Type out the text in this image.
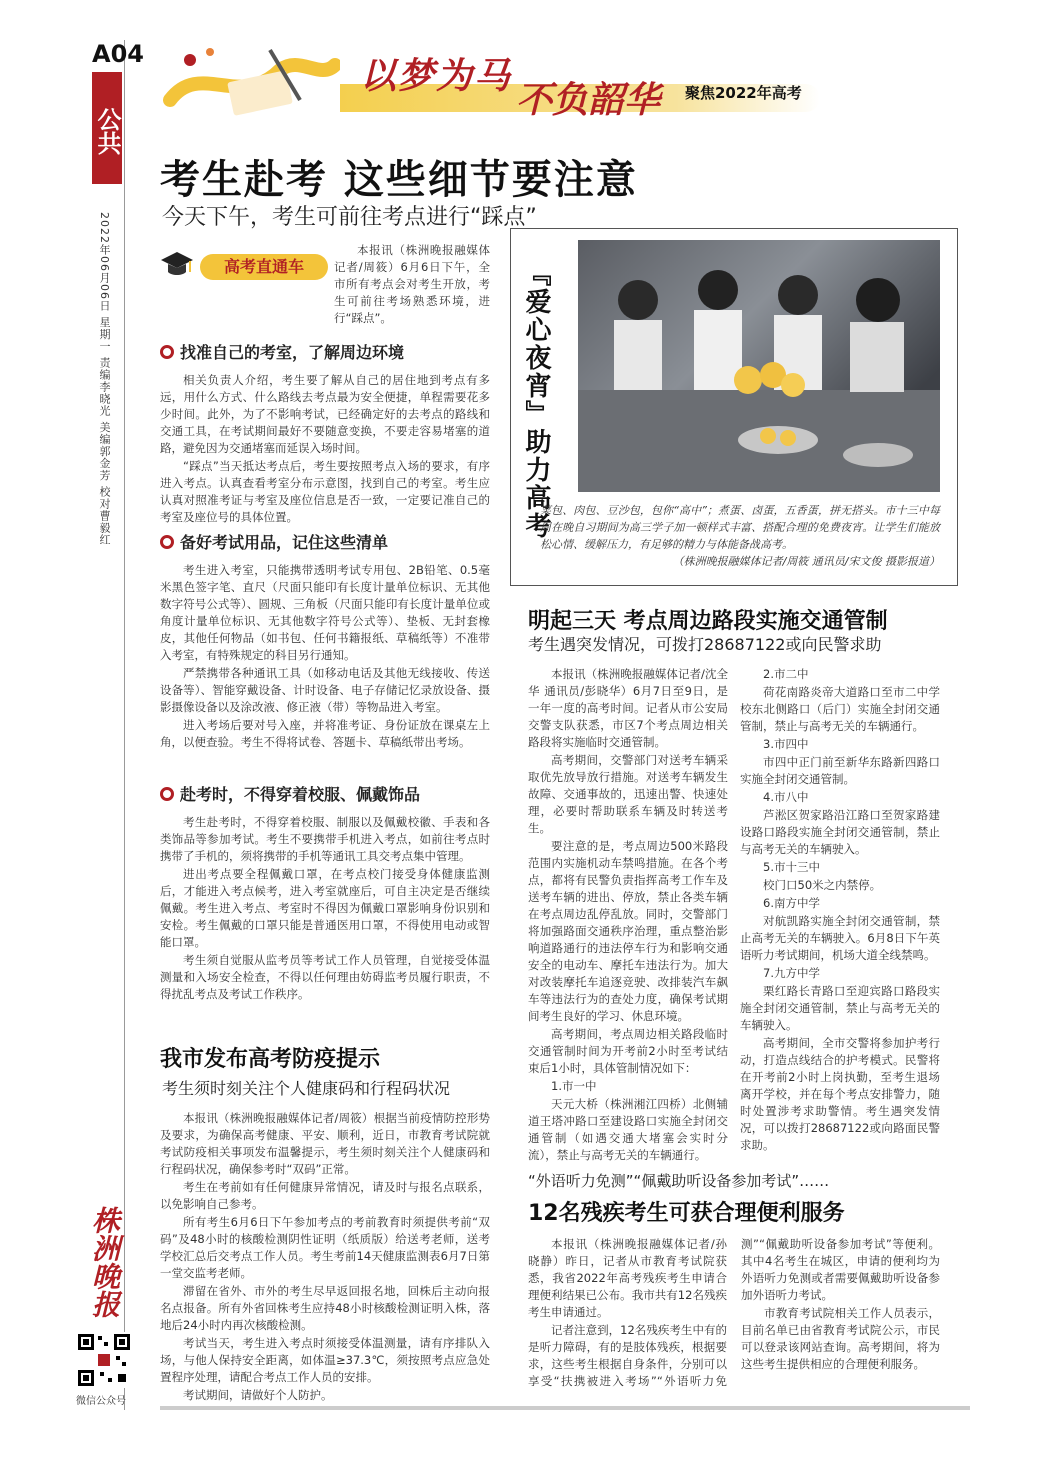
A04
公共
2022年06月06日 星期一 责编李晓光 美编郭金芳 校对曹毅红
以梦为马
不负韶华 聚焦2022年高考
考生赴考 这些细节要注意
今天下午，考生可前往考点进行“踩点”
高考直通车
本报讯（株洲晚报融媒体记者/周筱）6月6日下午，全市所有考点会对考生开放，考生可前往考场熟悉环境，进行“踩点”。
找准自己的考室，了解周边环境

相关负责人介绍，考生要了解从自己的居住地到考点有多远，用什么方式、什么路线去考点最为安全便捷，单程需要花多少时间。此外，为了不影响考试，已经确定好的去考点的路线和交通工具，在考试期间最好不要随意变换，不要走容易堵塞的道路，避免因为交通堵塞而延误入场时间。

“踩点”当天抵达考点后，考生要按照考点入场的要求，有序进入考点。认真查看考室分布示意图，找到自己的考室。考生应认真对照准考证与考室及座位信息是否一致，一定要记准自己的考室及座位号的具体位置。

备好考试用品，记住这些清单

考生进入考室，只能携带透明考试专用包、2B铅笔、0.5毫米黑色签字笔、直尺（尺面只能印有长度计量单位标识、无其他数字符号公式等）、圆规、三角板（尺面只能印有长度计量单位或角度计量单位标识、无其他数字符号公式等）、垫板、无封套橡皮，其他任何物品（如书包、任何书籍报纸、草稿纸等）不准带入考室，有特殊规定的科目另行通知。

严禁携带各种通讯工具（如移动电话及其他无线接收、传送设备等）、智能穿戴设备、计时设备、电子存储记忆录放设备、摄影摄像设备以及涂改液、修正液（带）等物品进入考室。

进入考场后要对号入座，并将准考证、身份证放在课桌左上角，以便查验。考生不得将试卷、答题卡、草稿纸带出考场。

赴考时，不得穿着校服、佩戴饰品

考生赴考时，不得穿着校服、制服以及佩戴校徽、手表和各类饰品等参加考试。考生不要携带手机进入考点，如前往考点时携带了手机的，须将携带的手机等通讯工具交考点集中管理。

进出考点要全程佩戴口罩，在考点校门接受身体健康监测后，才能进入考点候考，进入考室就座后，可自主决定是否继续佩戴。考生进入考点、考室时不得因为佩戴口罩影响身份识别和安检。考生佩戴的口罩只能是普通医用口罩，不得使用电动或智能口罩。

考生须自觉服从监考员等考试工作人员管理，自觉接受体温测量和入场安全检查，不得以任何理由妨碍监考员履行职责，不得扰乱考点及考试工作秩序。

『爱心夜宵』助力高考
菜包、肉包、豆沙包，包你“高中”；煮蛋、卤蛋，五香蛋，拼无搭头。市十三中每周在晚自习期间为高三学子加一顿样式丰富、搭配合理的免费夜宵。让学生们能放松心情、缓解压力，有足够的精力与体能备战高考。
（株洲晚报融媒体记者/周筱 通讯员/宋文俊 摄影报道）
明起三天 考点周边路段实施交通管制
考生遇突发情况，可拨打28687122或向民警求助

本报讯（株洲晚报融媒体记者/沈全华 通讯员/彭晓华）6月7日至9日，是一年一度的高考时间。记者从市公安局交警支队获悉，市区7个考点周边相关路段将实施临时交通管制。

高考期间，交警部门对送考车辆采取优先放导放行措施。对送考车辆发生故障、交通事故的，迅速出警、快速处理，必要时帮助联系车辆及时转送考生。

要注意的是，考点周边500米路段范围内实施机动车禁鸣措施。在各个考点，都将有民警负责指挥高考工作车及送考车辆的进出、停放，禁止各类车辆在考点周边乱停乱放。同时，交警部门将加强路面交通秩序治理，重点整治影响道路通行的违法停车行为和影响交通安全的电动车、摩托车违法行为。加大对改装摩托车追逐竞驶、改排装汽车飙车等违法行为的查处力度，确保考试期间考生良好的学习、休息环境。

高考期间，考点周边相关路段临时交通管制时间为开考前2小时至考试结束后1小时，具体管制情况如下：

1.市一中

天元大桥（株洲湘江四桥）北侧辅道王塔冲路口至建设路口实施全封闭交通管制（如遇交通大堵塞会实时分流），禁止与高考无关的车辆通行。

2.市二中

荷花南路炎帝大道路口至市二中学校东北侧路口（后门）实施全封闭交通管制，禁止与高考无关的车辆通行。

3.市四中

市四中正门前至新华东路新四路口实施全封闭交通管制。

4.市八中

芦淞区贺家路沿江路口至贺家路建设路口路段实施全封闭交通管制，禁止与高考无关的车辆驶入。

5.市十三中

校门口50米之内禁停。

6.南方中学

对航凯路实施全封闭交通管制，禁止高考无关的车辆驶入。6月8日下午英语听力考试期间，机场大道全线禁鸣。

7.九方中学

栗红路长青路口至迎宾路口路段实施全封闭交通管制，禁止与高考无关的车辆驶入。

高考期间，全市交警将参加护考行动，打造点线结合的护考模式。民警将在开考前2小时上岗执勤，至考生退场离开学校，并在每个考点安排警力，随时处置涉考求助警情。考生遇突发情况，可以拨打28687122或向路面民警求助。

我市发布高考防疫提示
考生须时刻关注个人健康码和行程码状况

本报讯（株洲晚报融媒体记者/周筱）根据当前疫情防控形势及要求，为确保高考健康、平安、顺利，近日，市教育考试院就考试防疫相关事项发布温馨提示，考生须时刻关注个人健康码和行程码状况，确保参考时“双码”正常。

考生在考前如有任何健康异常情况，请及时与报名点联系，以免影响自己参考。

所有考生6月6日下午参加考点的考前教育时须提供考前“双码”及48小时的核酸检测阴性证明（纸质版）给送考老师，送考学校汇总后交考点工作人员。考生考前14天健康监测表6月7日第一堂交监考老师。

滞留在省外、市外的考生尽早返回报名地，回株后主动向报名点报备。所有外省回株考生应持48小时核酸检测证明入株，落地后24小时内再次核酸检测。

考试当天，考生进入考点时须接受体温测量，请有序排队入场，与他人保持安全距离，如体温≥37.3℃，须按照考点应急处置程序处理，请配合考点工作人员的安排。

考试期间，请做好个人防护。

“外语听力免测”“佩戴助听设备参加考试”……
12名残疾考生可获合理便利服务

本报讯（株洲晚报融媒体记者/孙晓静）昨日，记者从市教育考试院获悉，我省2022年高考残疾考生申请合理便利结果已公布。我市共有12名残疾考生申请通过。

记者注意到，12名残疾考生中有的是听力障碍，有的是肢体残疾，根据要求，这些考生根据自身条件，分别可以享受“扶携被进入考场”“外语听力免测”“佩戴助听设备参加考试”等便利。其中4名考生在城区，申请的便利均为外语听力免测或者需要佩戴助听设备参加外语听力考试。

市教育考试院相关工作人员表示，目前名单已由省教育考试院公示，市民可以登录该网站查询。高考期间，将为这些考生提供相应的合理便利服务。

株洲晚报
微信公众号
